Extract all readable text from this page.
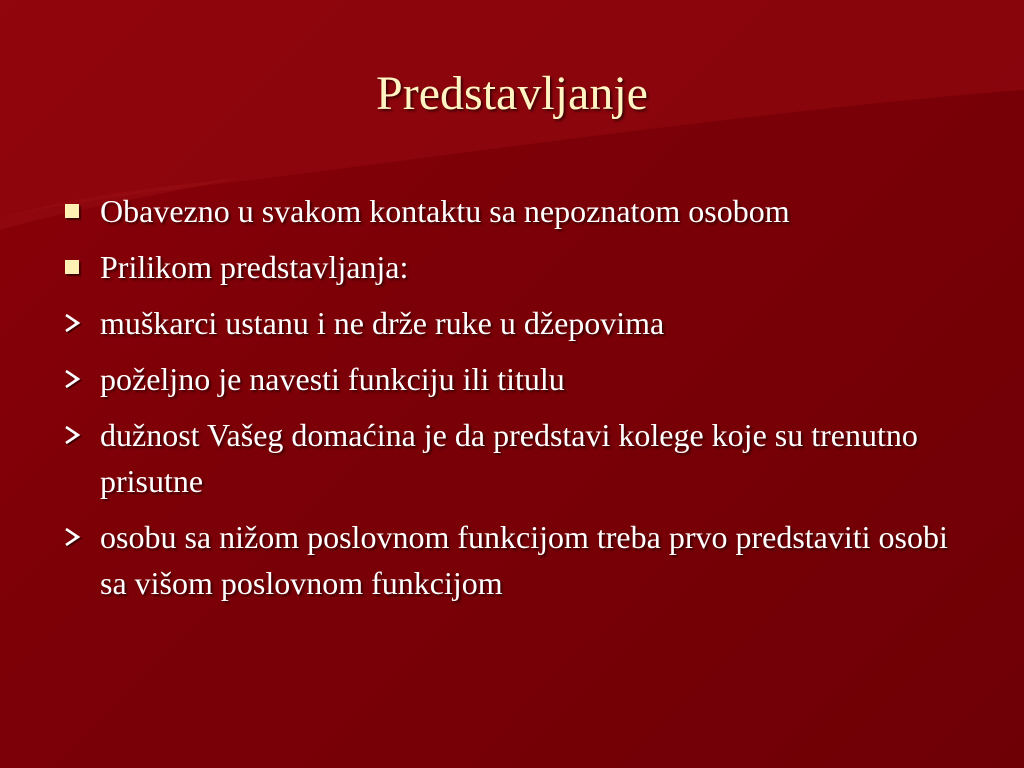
Predstavljanje
Obavezno u svakom kontaktu sa nepoznatom osobom
Prilikom predstavljanja:
muškarci ustanu i ne drže ruke u džepovima
poželjno je navesti funkciju ili titulu
dužnost Vašeg domaćina je da predstavi kolege koje su trenutno prisutne
osobu sa nižom poslovnom funkcijom treba prvo predstaviti osobi sa višom poslovnom funkcijom
